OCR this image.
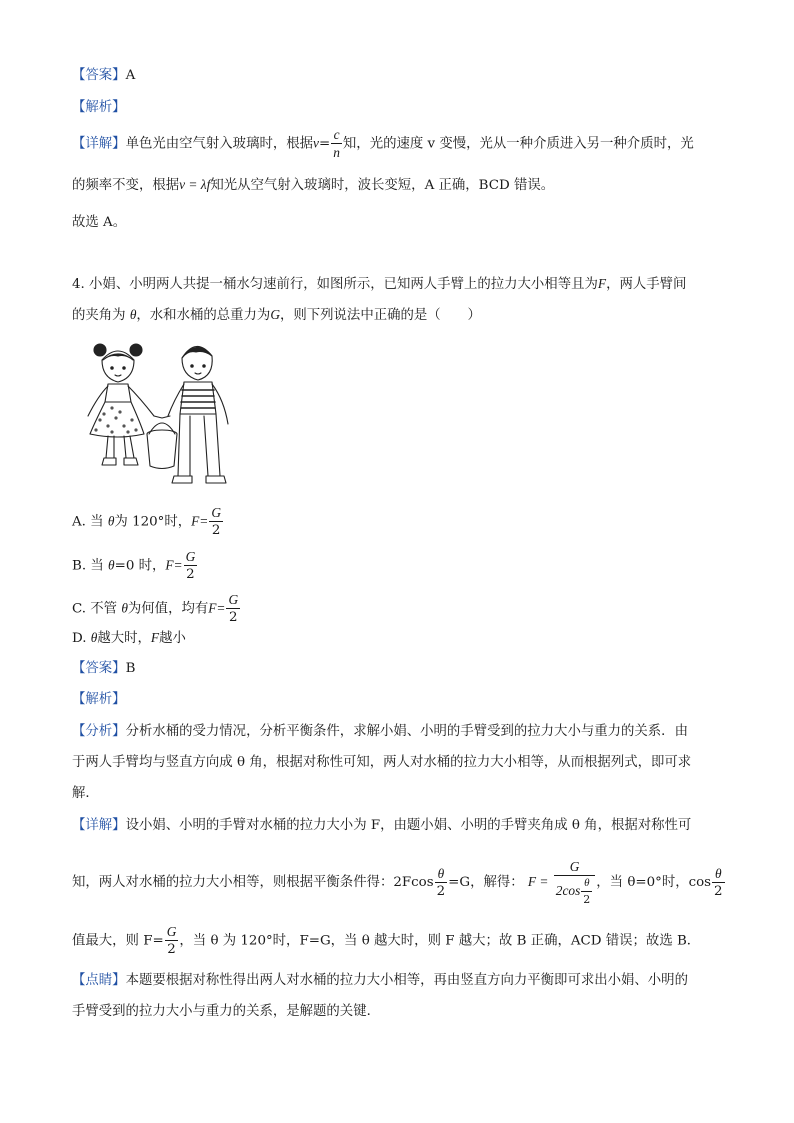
【答案】A
【解析】
【详解】单色光由空气射入玻璃时，根据$v= \frac{c}{n}$ 知，光的速度 v 变慢，光从一种介质进入另一种介质时，光
的频率不变，根据v = λf知光从空气射入玻璃时，波长变短，A 正确，BCD 错误。
故选 A。
4. 小娟、小明两人共提一桶水匀速前行，如图所示，已知两人手臂上的拉力大小相等且为F，两人手臂间
的夹角为 θ，水和水桶的总重力为G，则下列说法中正确的是（　　）
A. 当 θ为 120°时，$F= \frac{G}{2}$
B. 当 θ=0 时，$F= \frac{G}{2}$
C. 不管 θ为何值，均有$F= \frac{G}{2}$
D. θ越大时，F越小
【答案】B
【解析】
【分析】分析水桶的受力情况，分析平衡条件，求解小娟、小明的手臂受到的拉力大小与重力的关系．由
于两人手臂均与竖直方向成 θ 角，根据对称性可知，两人对水桶的拉力大小相等，从而根据列式，即可求
解．
【详解】设小娟、小明的手臂对水桶的拉力大小为 F，由题小娟、小明的手臂夹角成 θ 角，根据对称性可
知，两人对水桶的拉力大小相等，则根据平衡条件得：$2Fcos \frac{\theta}{2} =G$，解得： $F = \frac{G}{2\cos \frac{\theta}{2}}$ ，当 θ=0°时，$\cos \frac{\theta}{2}$
值最大，则 $F= \frac{G}{2}$ ，当 θ 为 120°时，F=G，当 θ 越大时，则 F 越大；故 B 正确，ACD 错误；故选 B．
【点睛】本题要根据对称性得出两人对水桶的拉力大小相等，再由竖直方向力平衡即可求出小娟、小明的
手臂受到的拉力大小与重力的关系，是解题的关键．
